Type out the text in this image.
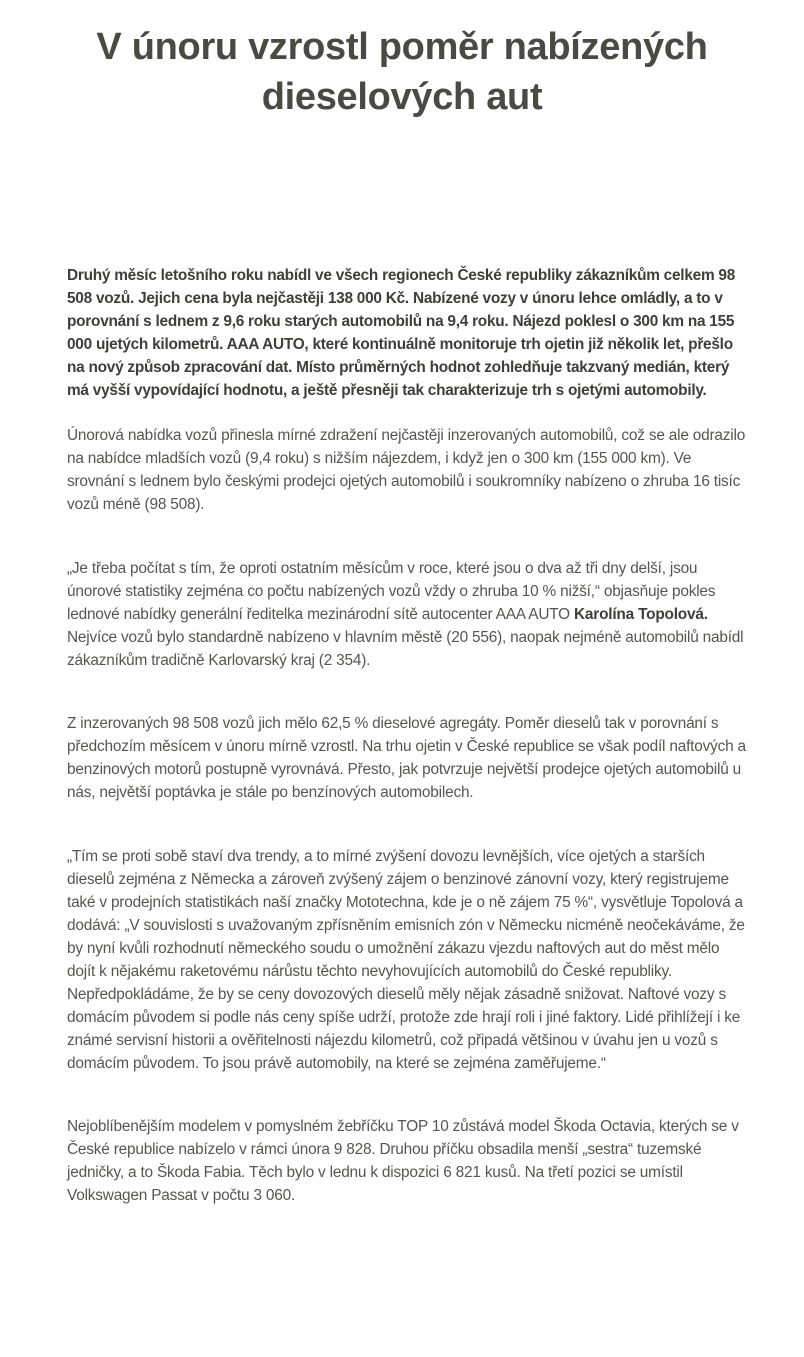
V únoru vzrostl poměr nabízených dieselových aut

Druhý měsíc letošního roku nabídl ve všech regionech České republiky zákazníkům celkem 98 508 vozů. Jejich cena byla nejčastěji 138 000 Kč. Nabízené vozy v únoru lehce omládly, a to v porovnání s lednem z 9,6 roku starých automobilů na 9,4 roku. Nájezd poklesl o 300 km na 155 000 ujetých kilometrů. AAA AUTO, které kontinuálně monitoruje trh ojetin již několik let, přešlo na nový způsob zpracování dat. Místo průměrných hodnot zohledňuje takzvaný medián, který má vyšší vypovídající hodnotu, a ještě přesněji tak charakterizuje trh s ojetými automobily.

Únorová nabídka vozů přinesla mírné zdražení nejčastěji inzerovaných automobilů, což se ale odrazilo na nabídce mladších vozů (9,4 roku) s nižším nájezdem, i když jen o 300 km (155 000 km). Ve srovnání s lednem bylo českými prodejci ojetých automobilů i soukromníky nabízeno o zhruba 16 tisíc vozů méně (98 508).

„Je třeba počítat s tím, že oproti ostatním měsícům v roce, které jsou o dva až tři dny delší, jsou únorové statistiky zejména co počtu nabízených vozů vždy o zhruba 10 % nižší,“ objasňuje pokles lednové nabídky generální ředitelka mezinárodní sítě autocenter AAA AUTO Karolína Topolová. Nejvíce vozů bylo standardně nabízeno v hlavním městě (20 556), naopak nejméně automobilů nabídl zákazníkům tradičně Karlovarský kraj (2 354).

Z inzerovaných 98 508 vozů jich mělo 62,5 % dieselové agregáty. Poměr dieselů tak v porovnání s předchozím měsícem v únoru mírně vzrostl. Na trhu ojetin v České republice se však podíl naftových a benzinových motorů postupně vyrovnává. Přesto, jak potvrzuje největší prodejce ojetých automobilů u nás, největší poptávka je stále po benzínových automobilech.

„Tím se proti sobě staví dva trendy, a to mírné zvýšení dovozu levnějších, více ojetých a starších dieselů zejména z Německa a zároveň zvýšený zájem o benzinové zánovní vozy, který registrujeme také v prodejních statistikách naší značky Mototechna, kde je o ně zájem 75 %“, vysvětluje Topolová a dodává: „V souvislosti s uvažovaným zpřísněním emisních zón v Německu nicméně neočekáváme, že by nyní kvůli rozhodnutí německého soudu o umožnění zákazu vjezdu naftových aut do měst mělo dojít k nějakému raketovému nárůstu těchto nevyhovujících automobilů do České republiky. Nepředpokládáme, že by se ceny dovozových dieselů měly nějak zásadně snižovat. Naftové vozy s domácím původem si podle nás ceny spíše udrží, protože zde hrají roli i jiné faktory. Lidé přihlížejí i ke známé servisní historii a ověřitelnosti nájezdu kilometrů, což připadá většinou v úvahu jen u vozů s domácím původem. To jsou právě automobily, na které se zejména zaměřujeme.“

Nejoblíbenějším modelem v pomyslném žebříčku TOP 10 zůstává model Škoda Octavia, kterých se v České republice nabízelo v rámci února 9 828. Druhou příčku obsadila menší „sestra“ tuzemské jedničky, a to Škoda Fabia. Těch bylo v lednu k dispozici 6 821 kusů. Na třetí pozici se umístil Volkswagen Passat v počtu 3 060.
